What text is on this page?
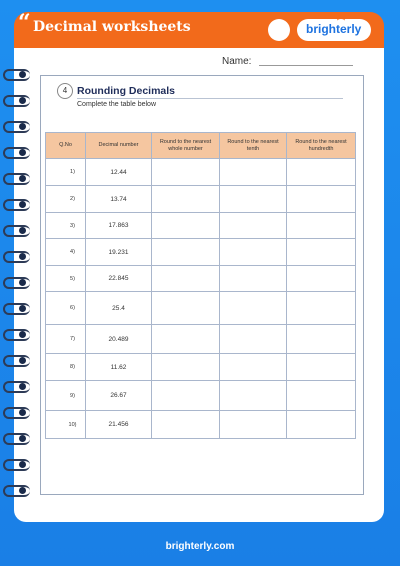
“ Decimal worksheets	brighterly
Name:
4 Rounding Decimals
Complete the table below
Q.No	Decimal number	Round to the nearest whole number	Round to the nearest tenth	Round to the nearest hundredth
1)	12.44			
2)	13.74			
3)	17.863			
4)	19.231			
5)	22.845			
6)	25.4			
7)	20.489			
8)	11.62			
9)	26.67			
10)	21.456			
brighterly.com
